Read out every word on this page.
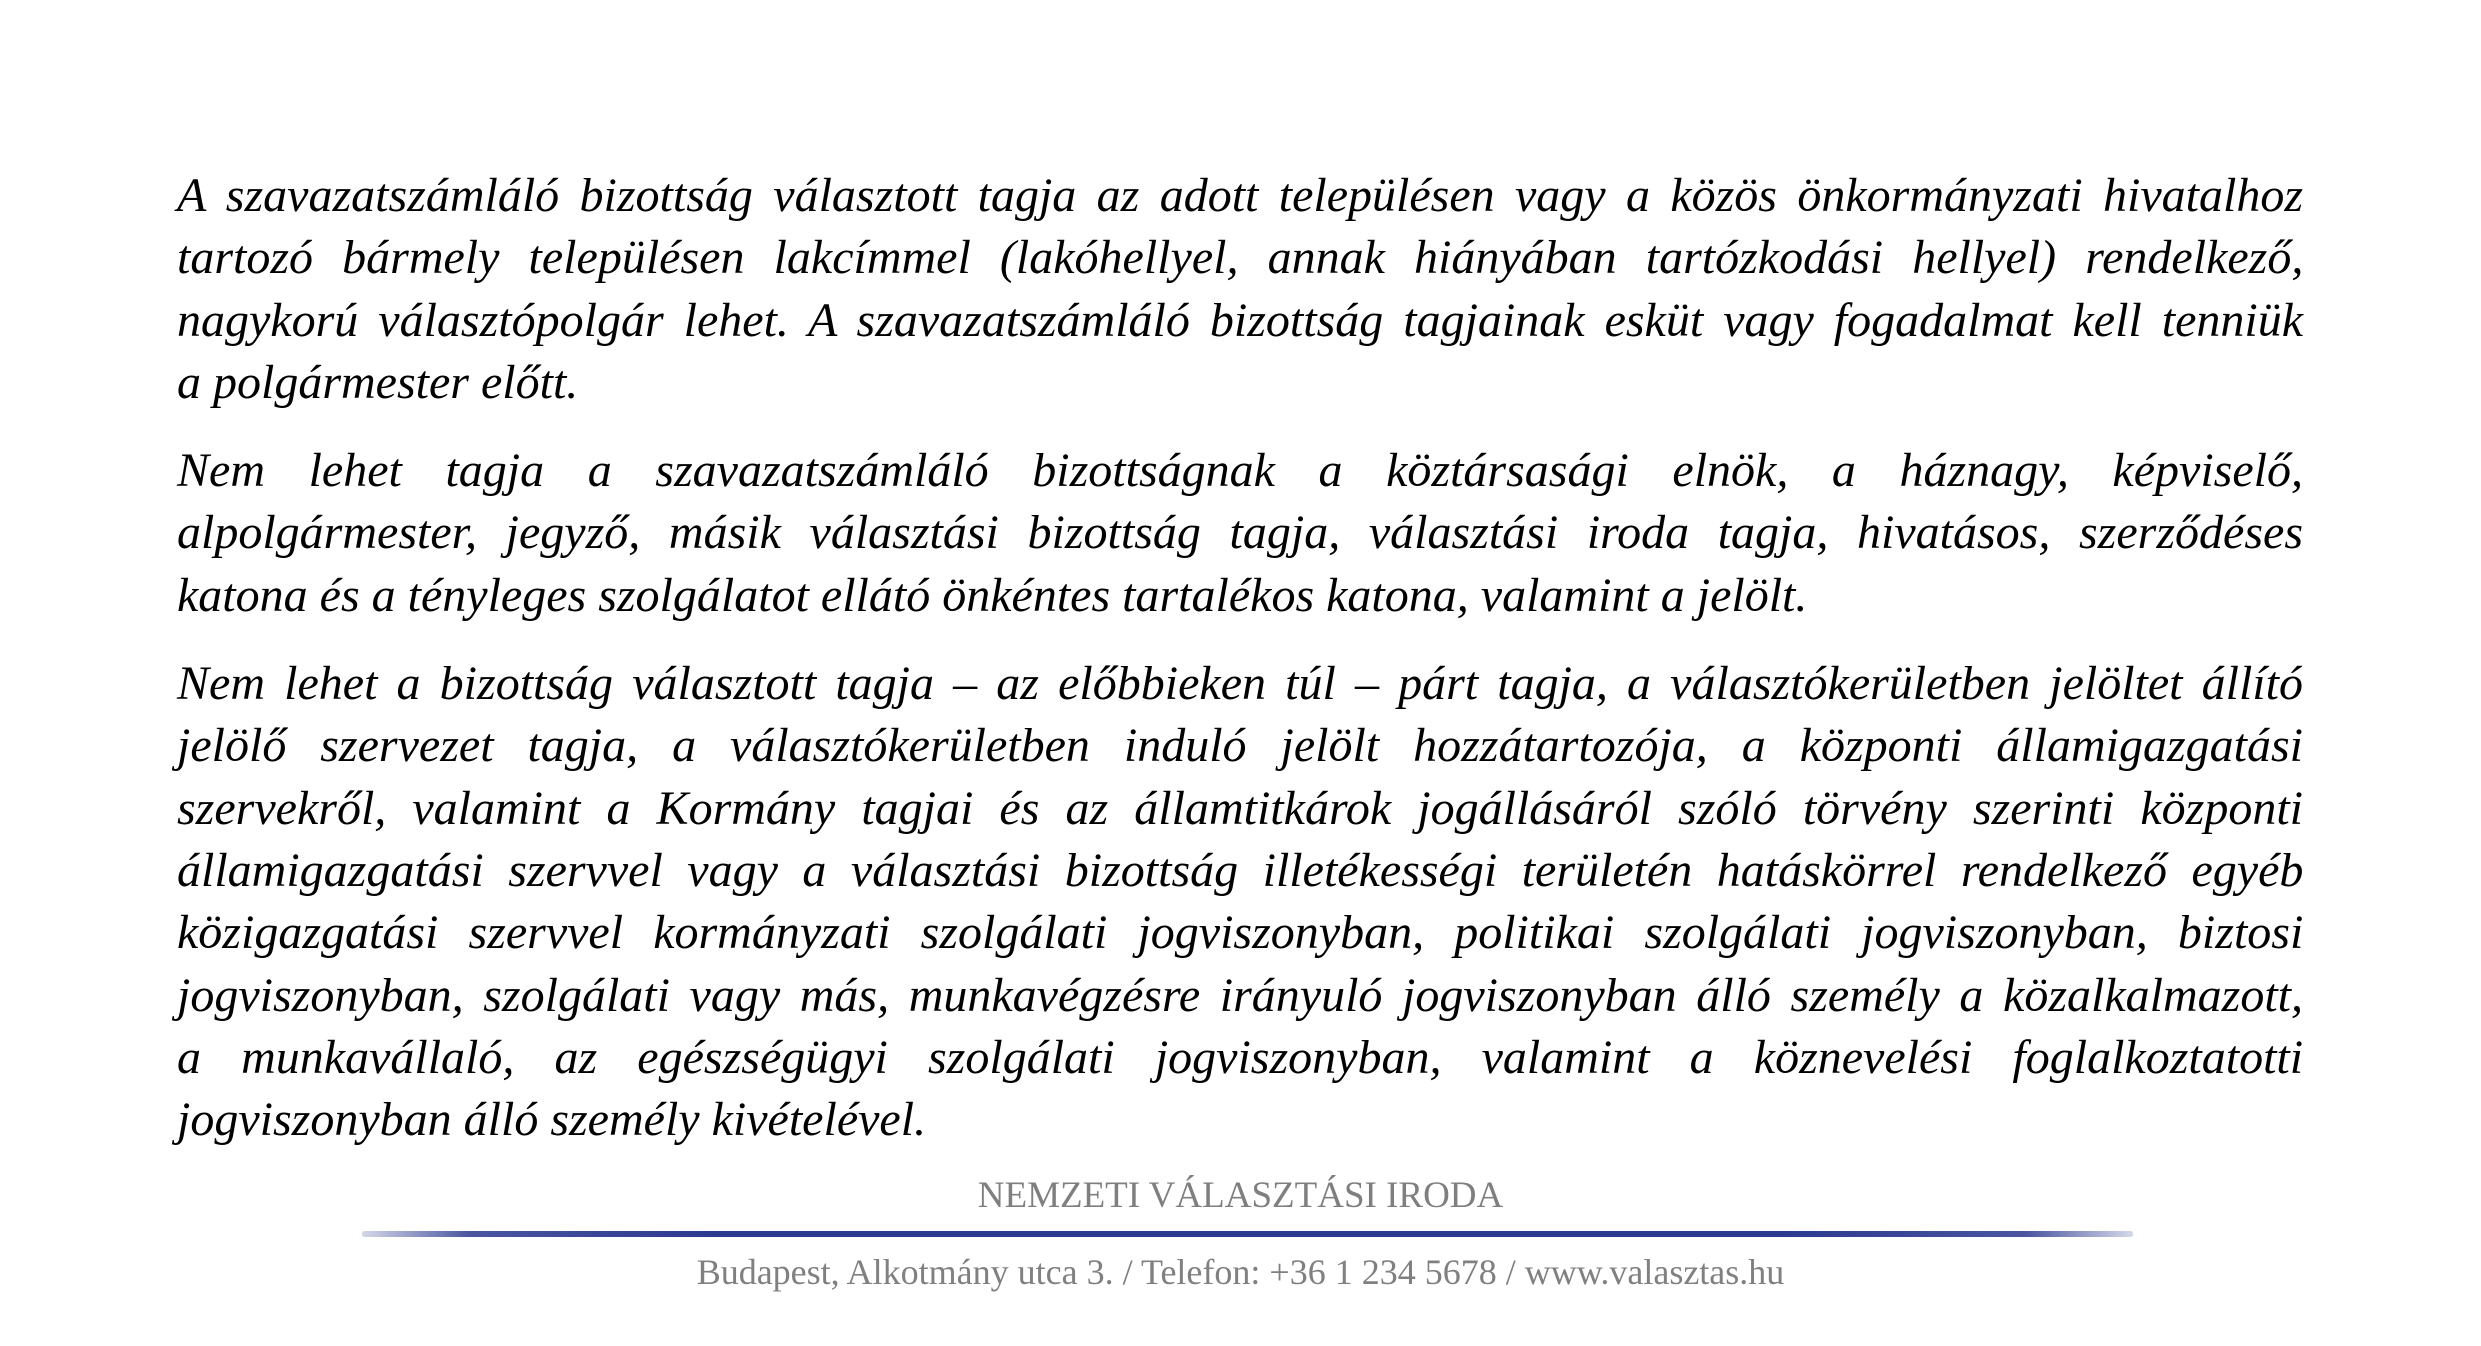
A szavazatszámláló bizottság választott tagja az adott településen vagy a közös önkormányzati hivatalhoz
tartozó bármely településen lakcímmel (lakóhellyel, annak hiányában tartózkodási hellyel) rendelkező,
nagykorú választópolgár lehet. A szavazatszámláló bizottság tagjainak esküt vagy fogadalmat kell tenniük
a polgármester előtt.
Nem lehet tagja a szavazatszámláló bizottságnak a köztársasági elnök, a háznagy, képviselő,
alpolgármester, jegyző, másik választási bizottság tagja, választási iroda tagja, hivatásos, szerződéses
katona és a tényleges szolgálatot ellátó önkéntes tartalékos katona, valamint a jelölt.
Nem lehet a bizottság választott tagja – az előbbieken túl – párt tagja, a választókerületben jelöltet állító
jelölő szervezet tagja, a választókerületben induló jelölt hozzátartozója, a központi államigazgatási
szervekről, valamint a Kormány tagjai és az államtitkárok jogállásáról szóló törvény szerinti központi
államigazgatási szervvel vagy a választási bizottság illetékességi területén hatáskörrel rendelkező egyéb
közigazgatási szervvel kormányzati szolgálati jogviszonyban, politikai szolgálati jogviszonyban, biztosi
jogviszonyban, szolgálati vagy más, munkavégzésre irányuló jogviszonyban álló személy a közalkalmazott,
a munkavállaló, az egészségügyi szolgálati jogviszonyban, valamint a köznevelési foglalkoztatotti
jogviszonyban álló személy kivételével.
NEMZETI VÁLASZTÁSI IRODA
Budapest, Alkotmány utca 3. / Telefon: +36 1 234 5678 / www.valasztas.hu
